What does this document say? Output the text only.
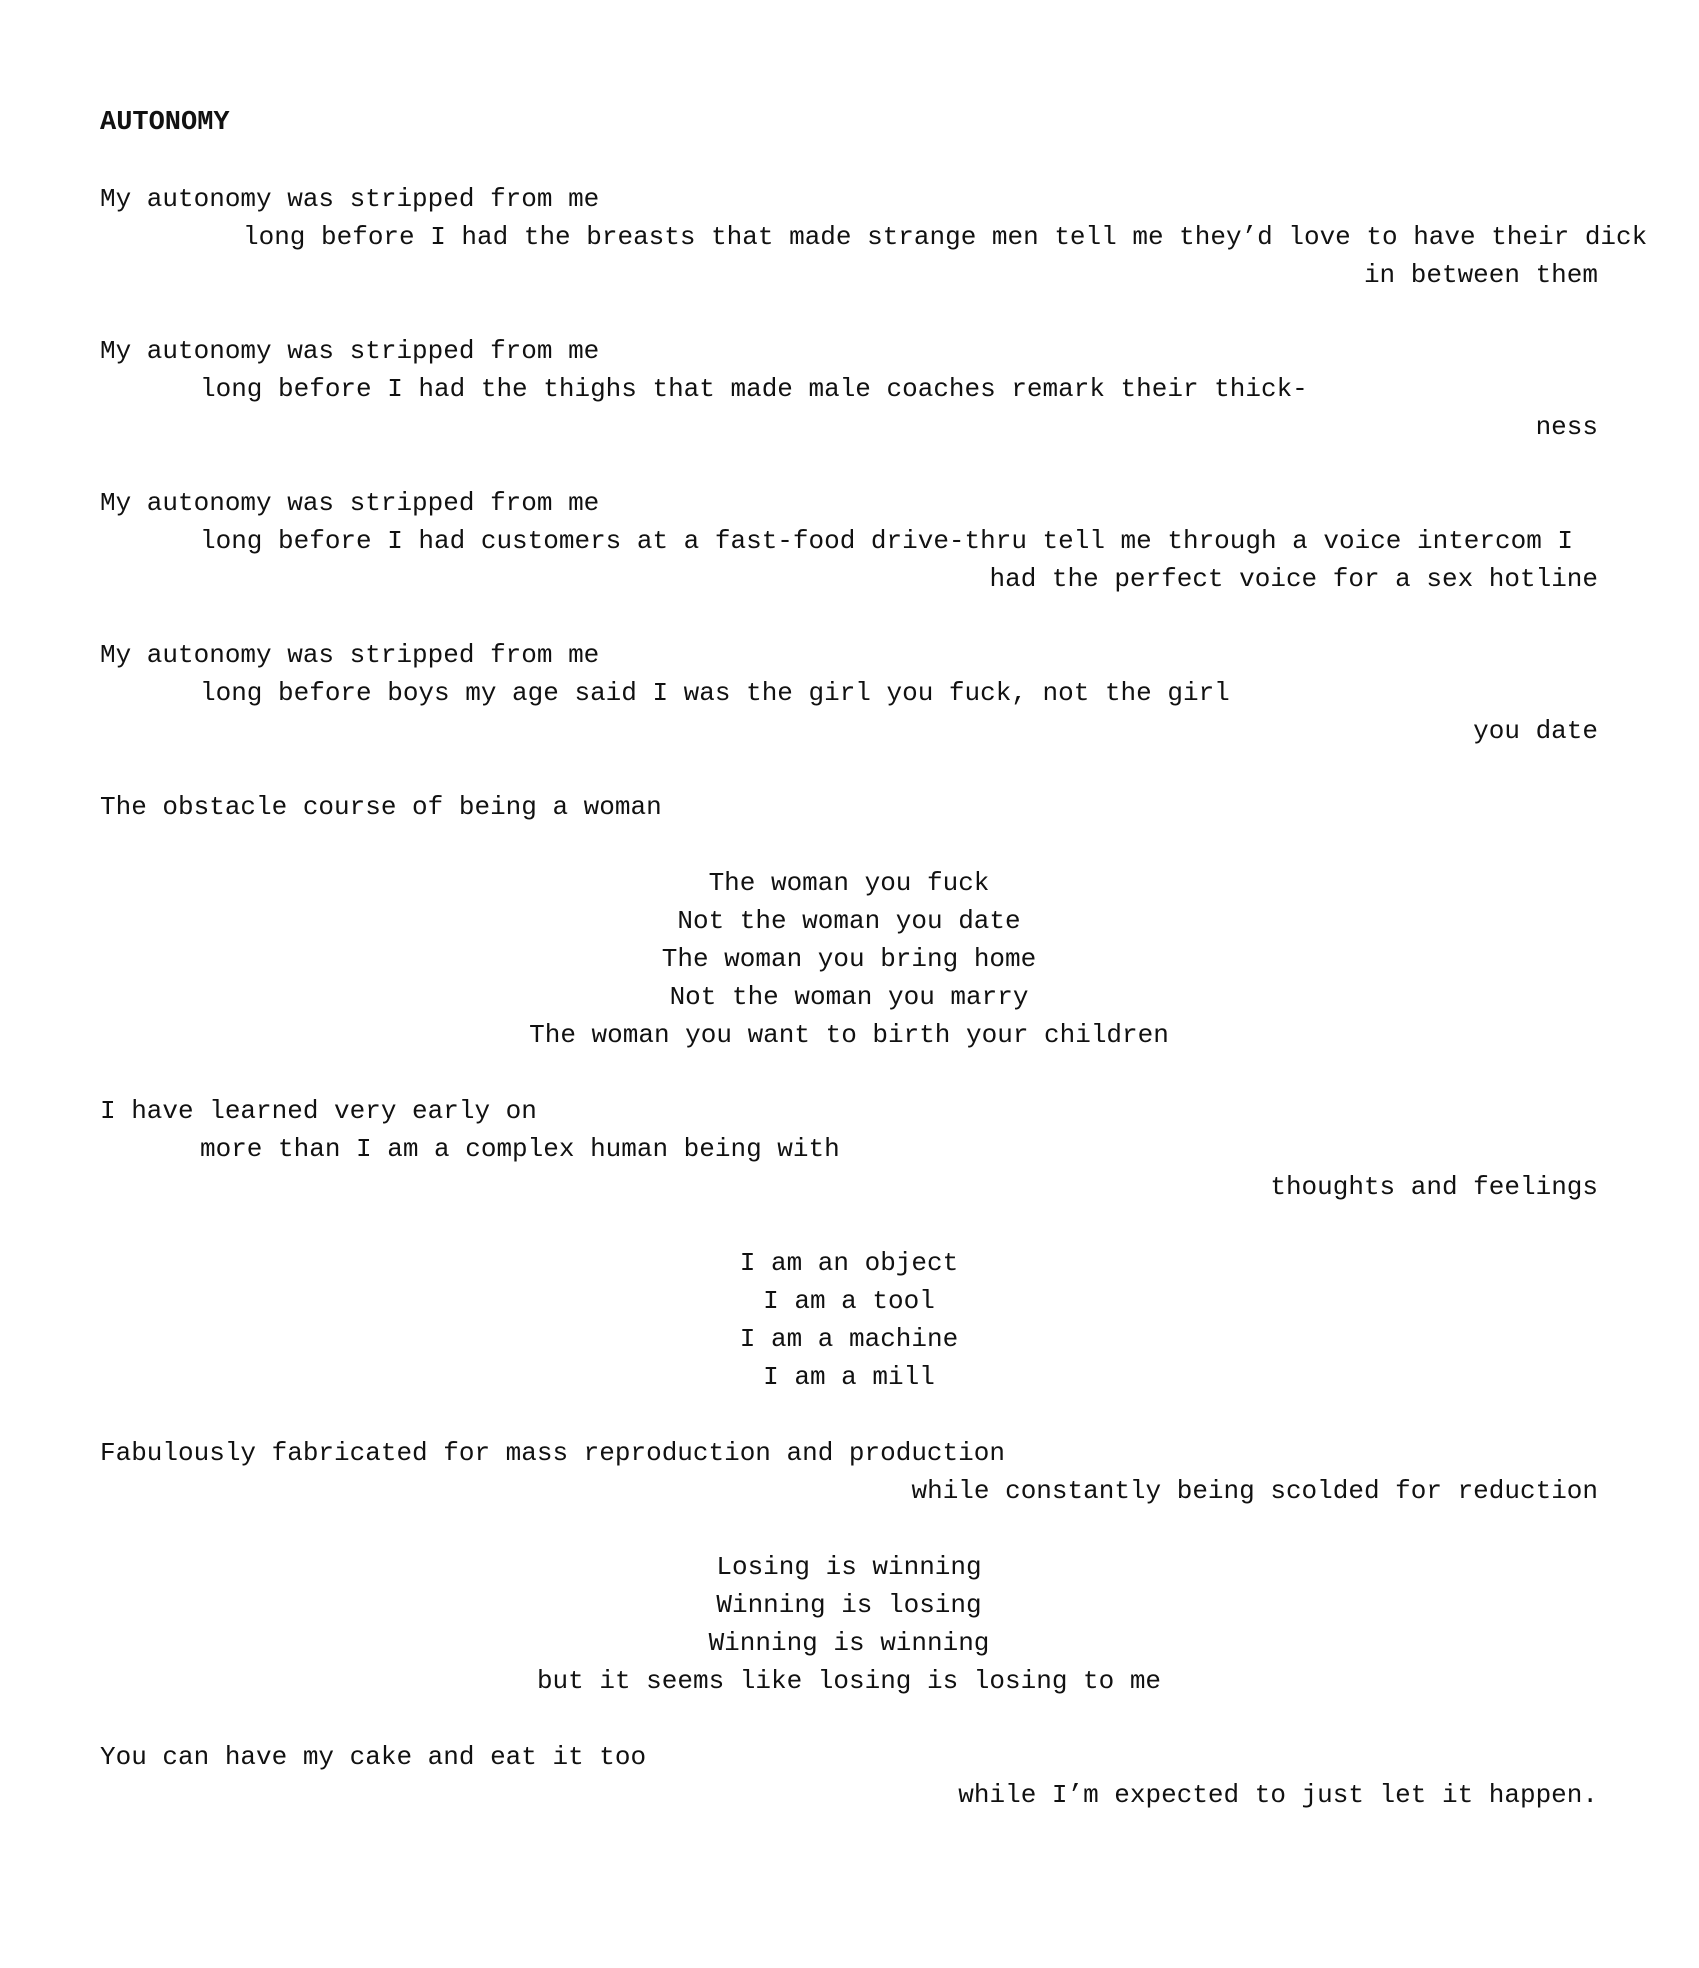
AUTONOMY
My autonomy was stripped from me
long before I had the breasts that made strange men tell me they’d love to have their dick
in between them
My autonomy was stripped from me
long before I had the thighs that made male coaches remark their thick-
ness
My autonomy was stripped from me
long before I had customers at a fast-food drive-thru tell me through a voice intercom I
had the perfect voice for a sex hotline
My autonomy was stripped from me
long before boys my age said I was the girl you fuck, not the girl
you date
The obstacle course of being a woman
The woman you fuck
Not the woman you date
The woman you bring home
Not the woman you marry
The woman you want to birth your children
I have learned very early on
more than I am a complex human being with
thoughts and feelings
I am an object
I am a tool
I am a machine
I am a mill
Fabulously fabricated for mass reproduction and production
while constantly being scolded for reduction
Losing is winning
Winning is losing
Winning is winning
but it seems like losing is losing to me
You can have my cake and eat it too
while I’m expected to just let it happen.
